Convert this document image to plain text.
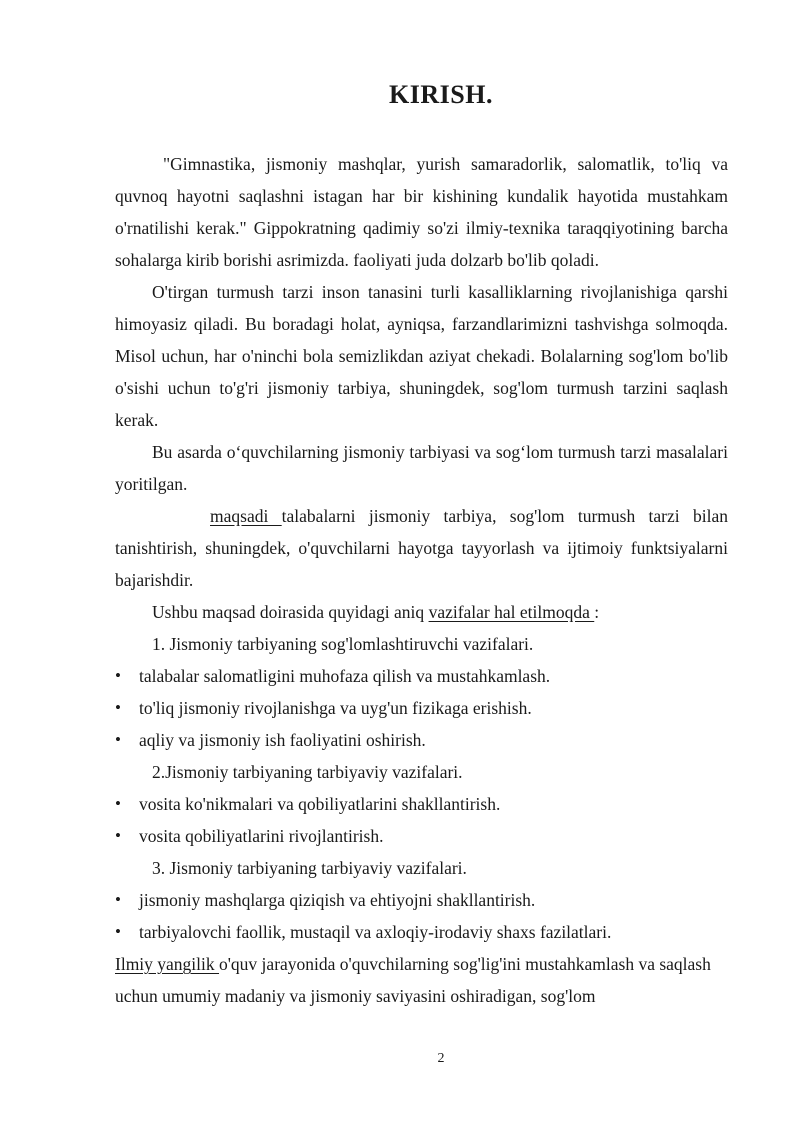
KIRISH.

"Gimnastika, jismoniy mashqlar, yurish samaradorlik, salomatlik, to'liq va quvnoq hayotni saqlashni istagan har bir kishining kundalik hayotida mustahkam o'rnatilishi kerak." Gippokratning qadimiy so'zi ilmiy-texnika taraqqiyotining barcha sohalarga kirib borishi asrimizda. faoliyati juda dolzarb bo'lib qoladi.

O'tirgan turmush tarzi inson tanasini turli kasalliklarning rivojlanishiga qarshi himoyasiz qiladi. Bu boradagi holat, ayniqsa, farzandlarimizni tashvishga solmoqda. Misol uchun, har o'ninchi bola semizlikdan aziyat chekadi. Bolalarning sog'lom bo'lib o'sishi uchun to'g'ri jismoniy tarbiya, shuningdek, sog'lom turmush tarzini saqlash kerak.

Bu asarda o‘quvchilarning jismoniy tarbiyasi va sog‘lom turmush tarzi masalalari yoritilgan.

maqsadi talabalarni jismoniy tarbiya, sog'lom turmush tarzi bilan tanishtirish, shuningdek, o'quvchilarni hayotga tayyorlash va ijtimoiy funktsiyalarni bajarishdir.

Ushbu maqsad doirasida quyidagi aniq vazifalar hal etilmoqda :

1. Jismoniy tarbiyaning sog'lomlashtiruvchi vazifalari.

•	talabalar salomatligini muhofaza qilish va mustahkamlash.
•	to'liq jismoniy rivojlanishga va uyg'un fizikaga erishish.
•	aqliy va jismoniy ish faoliyatini oshirish.

2.Jismoniy tarbiyaning tarbiyaviy vazifalari.

•	vosita ko'nikmalari va qobiliyatlarini shakllantirish.
•	vosita qobiliyatlarini rivojlantirish.

3. Jismoniy tarbiyaning tarbiyaviy vazifalari.

•	jismoniy mashqlarga qiziqish va ehtiyojni shakllantirish.
•	tarbiyalovchi faollik, mustaqil va axloqiy-irodaviy shaxs fazilatlari.

Ilmiy yangilik o'quv jarayonida o'quvchilarning sog'lig'ini mustahkamlash va saqlash uchun umumiy madaniy va jismoniy saviyasini oshiradigan, sog'lom

2
